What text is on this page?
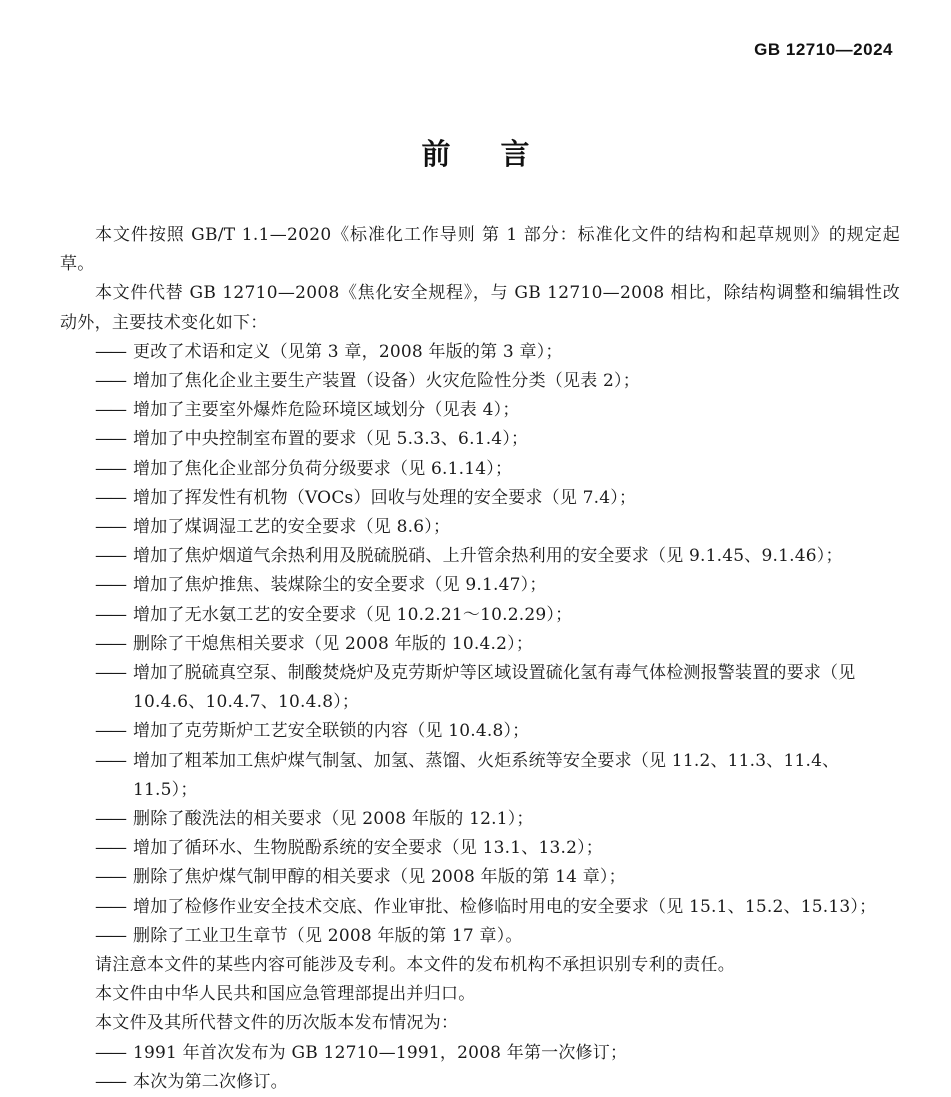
GB 12710—2024
前言

本文件按照 GB/T 1.1—2020《标准化工作导则 第 1 部分：标准化文件的结构和起草规则》的规定起草。

本文件代替 GB 12710—2008《焦化安全规程》，与 GB 12710—2008 相比，除结构调整和编辑性改动外，主要技术变化如下：

—— 更改了术语和定义（见第 3 章，2008 年版的第 3 章）；
—— 增加了焦化企业主要生产装置（设备）火灾危险性分类（见表 2）；
—— 增加了主要室外爆炸危险环境区域划分（见表 4）；
—— 增加了中央控制室布置的要求（见 5.3.3、6.1.4）；
—— 增加了焦化企业部分负荷分级要求（见 6.1.14）；
—— 增加了挥发性有机物（VOCs）回收与处理的安全要求（见 7.4）；
—— 增加了煤调湿工艺的安全要求（见 8.6）；
—— 增加了焦炉烟道气余热利用及脱硫脱硝、上升管余热利用的安全要求（见 9.1.45、9.1.46）；
—— 增加了焦炉推焦、装煤除尘的安全要求（见 9.1.47）；
—— 增加了无水氨工艺的安全要求（见 10.2.21～10.2.29）；
—— 删除了干熄焦相关要求（见 2008 年版的 10.4.2）；
—— 增加了脱硫真空泵、制酸焚烧炉及克劳斯炉等区域设置硫化氢有毒气体检测报警装置的要求（见 10.4.6、10.4.7、10.4.8）；
—— 增加了克劳斯炉工艺安全联锁的内容（见 10.4.8）；
—— 增加了粗苯加工焦炉煤气制氢、加氢、蒸馏、火炬系统等安全要求（见 11.2、11.3、11.4、11.5）；
—— 删除了酸洗法的相关要求（见 2008 年版的 12.1）；
—— 增加了循环水、生物脱酚系统的安全要求（见 13.1、13.2）；
—— 删除了焦炉煤气制甲醇的相关要求（见 2008 年版的第 14 章）；
—— 增加了检修作业安全技术交底、作业审批、检修临时用电的安全要求（见 15.1、15.2、15.13）；
—— 删除了工业卫生章节（见 2008 年版的第 17 章）。

请注意本文件的某些内容可能涉及专利。本文件的发布机构不承担识别专利的责任。

本文件由中华人民共和国应急管理部提出并归口。

本文件及其所代替文件的历次版本发布情况为：

—— 1991 年首次发布为 GB 12710—1991，2008 年第一次修订；
—— 本次为第二次修订。
